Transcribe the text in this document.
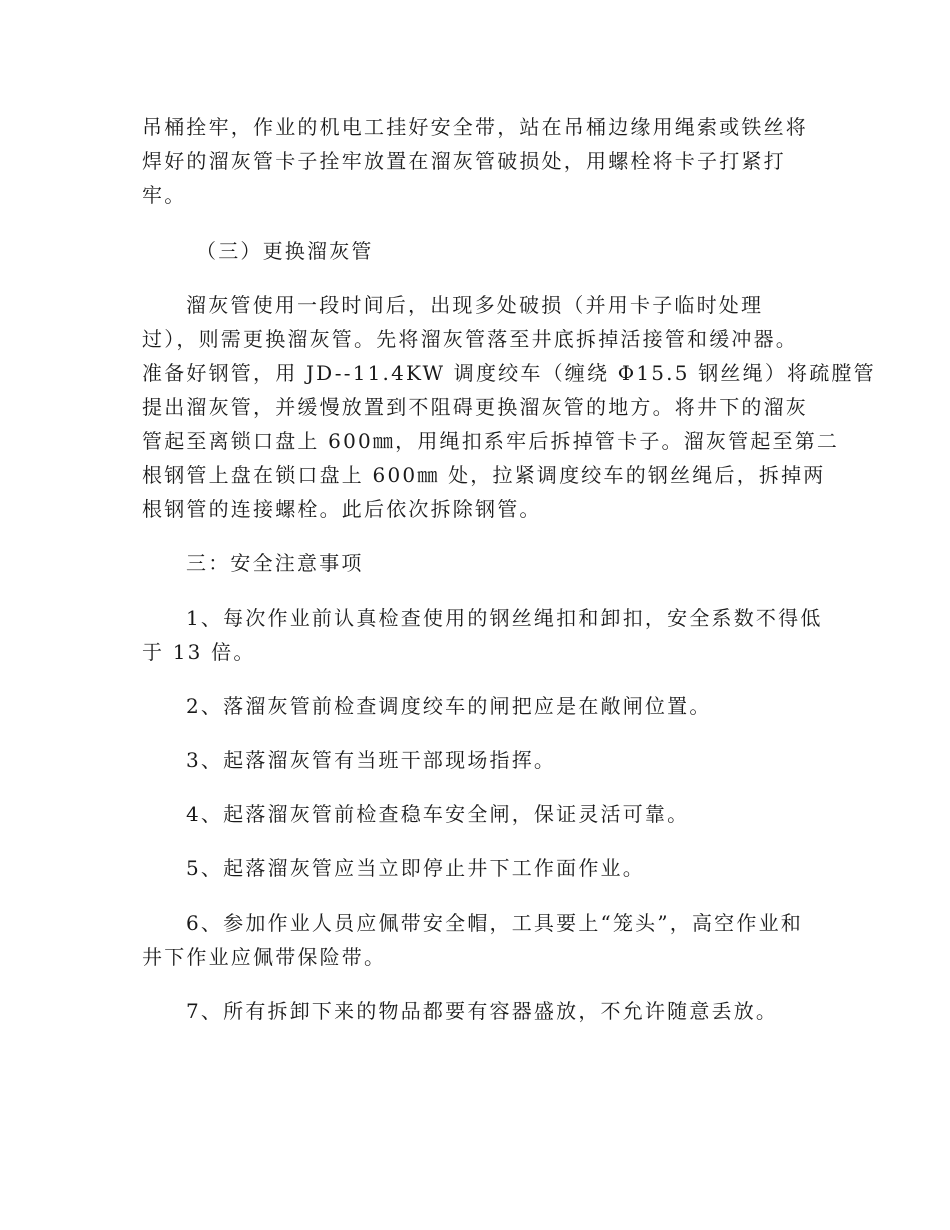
吊桶拴牢，作业的机电工挂好安全带，站在吊桶边缘用绳索或铁丝将
焊好的溜灰管卡子拴牢放置在溜灰管破损处，用螺栓将卡子打紧打
牢。
（三）更换溜灰管
溜灰管使用一段时间后，出现多处破损（并用卡子临时处理
过），则需更换溜灰管。先将溜灰管落至井底拆掉活接管和缓冲器。
准备好钢管，用 JD--11.4KW 调度绞车（缠绕 Φ15.5 钢丝绳）将疏膛管
提出溜灰管，并缓慢放置到不阻碍更换溜灰管的地方。将井下的溜灰
管起至离锁口盘上 600㎜，用绳扣系牢后拆掉管卡子。溜灰管起至第二
根钢管上盘在锁口盘上 600㎜ 处，拉紧调度绞车的钢丝绳后，拆掉两
根钢管的连接螺栓。此后依次拆除钢管。
三：安全注意事项
1、每次作业前认真检查使用的钢丝绳扣和卸扣，安全系数不得低
于 13 倍。
2、落溜灰管前检查调度绞车的闸把应是在敞闸位置。
3、起落溜灰管有当班干部现场指挥。
4、起落溜灰管前检查稳车安全闸，保证灵活可靠。
5、起落溜灰管应当立即停止井下工作面作业。
6、参加作业人员应佩带安全帽，工具要上“笼头”，高空作业和
井下作业应佩带保险带。
7、所有拆卸下来的物品都要有容器盛放，不允许随意丢放。
